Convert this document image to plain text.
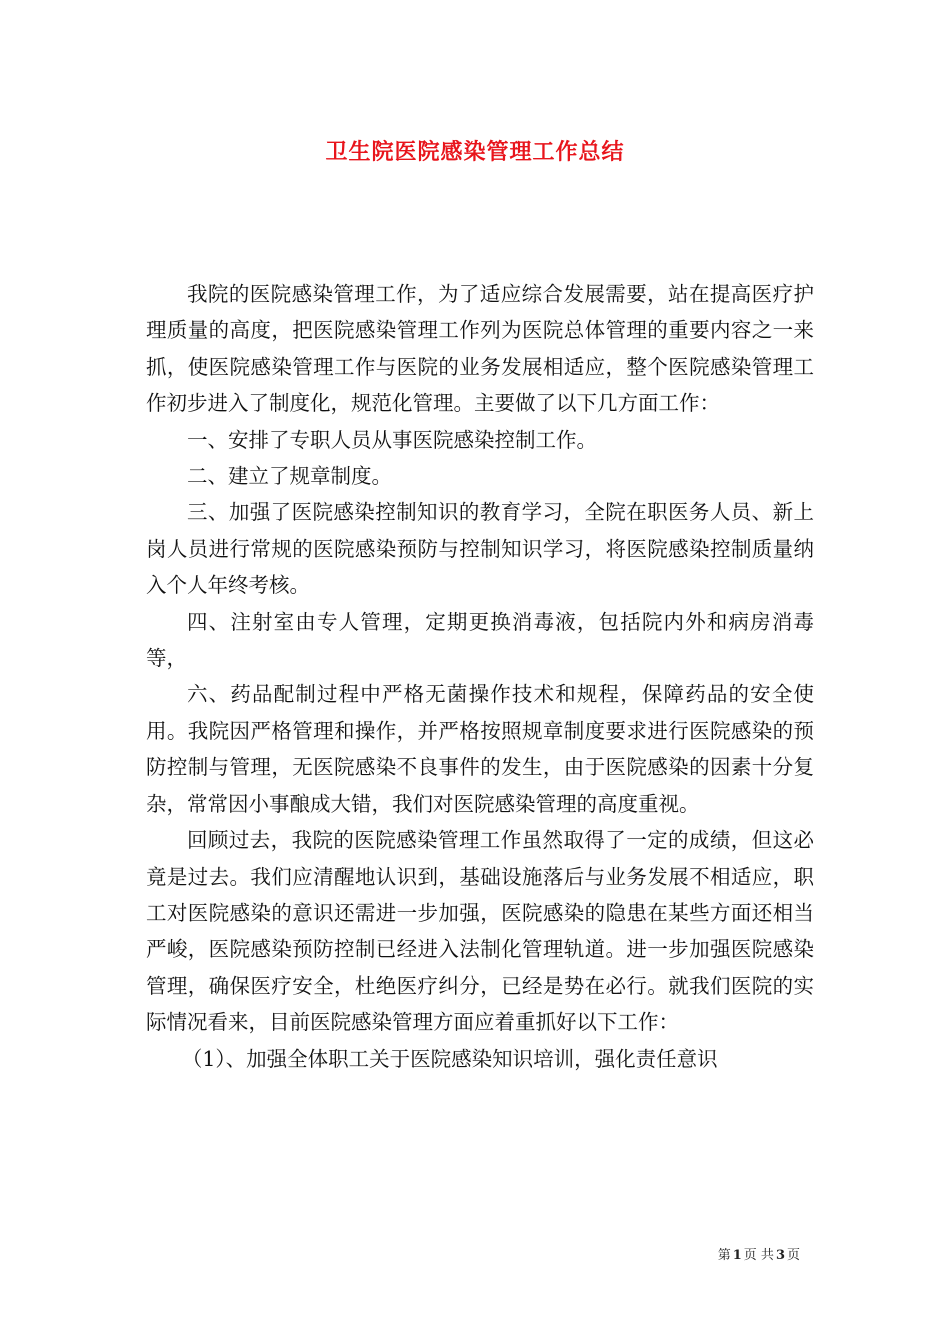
卫生院医院感染管理工作总结

我院的医院感染管理工作，为了适应综合发展需要，站在提高医疗护理质量的高度，把医院感染管理工作列为医院总体管理的重要内容之一来抓，使医院感染管理工作与医院的业务发展相适应，整个医院感染管理工作初步进入了制度化，规范化管理。主要做了以下几方面工作：

一、安排了专职人员从事医院感染控制工作。

二、建立了规章制度。

三、加强了医院感染控制知识的教育学习，全院在职医务人员、新上岗人员进行常规的医院感染预防与控制知识学习，将医院感染控制质量纳入个人年终考核。

四、注射室由专人管理，定期更换消毒液，包括院内外和病房消毒等，

六、药品配制过程中严格无菌操作技术和规程，保障药品的安全使用。我院因严格管理和操作，并严格按照规章制度要求进行医院感染的预防控制与管理，无医院感染不良事件的发生，由于医院感染的因素十分复杂，常常因小事酿成大错，我们对医院感染管理的高度重视。

回顾过去，我院的医院感染管理工作虽然取得了一定的成绩，但这必竟是过去。我们应清醒地认识到，基础设施落后与业务发展不相适应，职工对医院感染的意识还需进一步加强，医院感染的隐患在某些方面还相当严峻，医院感染预防控制已经进入法制化管理轨道。进一步加强医院感染管理，确保医疗安全，杜绝医疗纠分，已经是势在必行。就我们医院的实际情况看来，目前医院感染管理方面应着重抓好以下工作：

（1）、加强全体职工关于医院感染知识培训，强化责任意识

第 1 页 共 3 页
